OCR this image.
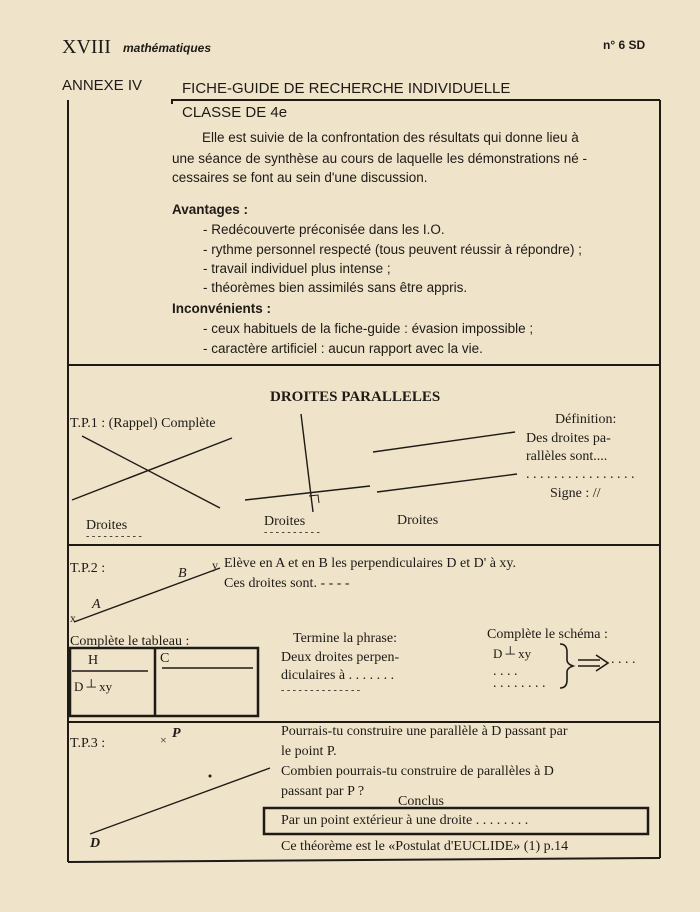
XVIII mathématiques	n° 6 SD
ANNEXE IV	FICHE-GUIDE DE RECHERCHE INDIVIDUELLE
CLASSE DE 4e
Elle est suivie de la confrontation des résultats qui donne lieu à
une séance de synthèse au cours de laquelle les démonstrations né -
cessaires se font au sein d'une discussion.
Avantages :
- Redécouverte préconisée dans les I.O.
- rythme personnel respecté (tous peuvent réussir à répondre) ;
- travail individuel plus intense ;
- théorèmes bien assimilés sans être appris.
Inconvénients :
- ceux habituels de la fiche-guide : évasion impossible ;
- caractère artificiel : aucun rapport avec la vie.
DROITES PARALLELES
T.P.1 : (Rappel) Complète
Droites
- - - - - - - - - -
Droites
- - - - - - - - - -
Droites
Définition:
Des droites pa-
rallèles sont....
. . . . . . . . . . . . . . . .
Signe : //
T.P.2 :	B
A
x
y Elève en A et en B les perpendiculaires D et D' à xy.
Ces droites sont. - - - -
Complète le tableau :
H	C
D ┴ xy
Termine la phrase:
Deux droites perpen-
diculaires à . . . . . . .
- - - - - - - - - - - - - -
Complète le schéma :
D ┴ xy
. . . .
. . . . . . . .
. . . .
T.P.3 :	× P
D
Pourrais-tu construire une parallèle à D passant par
le point P.
Combien pourrais-tu construire de parallèles à D
passant par P ?
Conclus
Par un point extérieur à une droite . . . . . . . .
Ce théorème est le «Postulat d'EUCLIDE» (1) p.14
